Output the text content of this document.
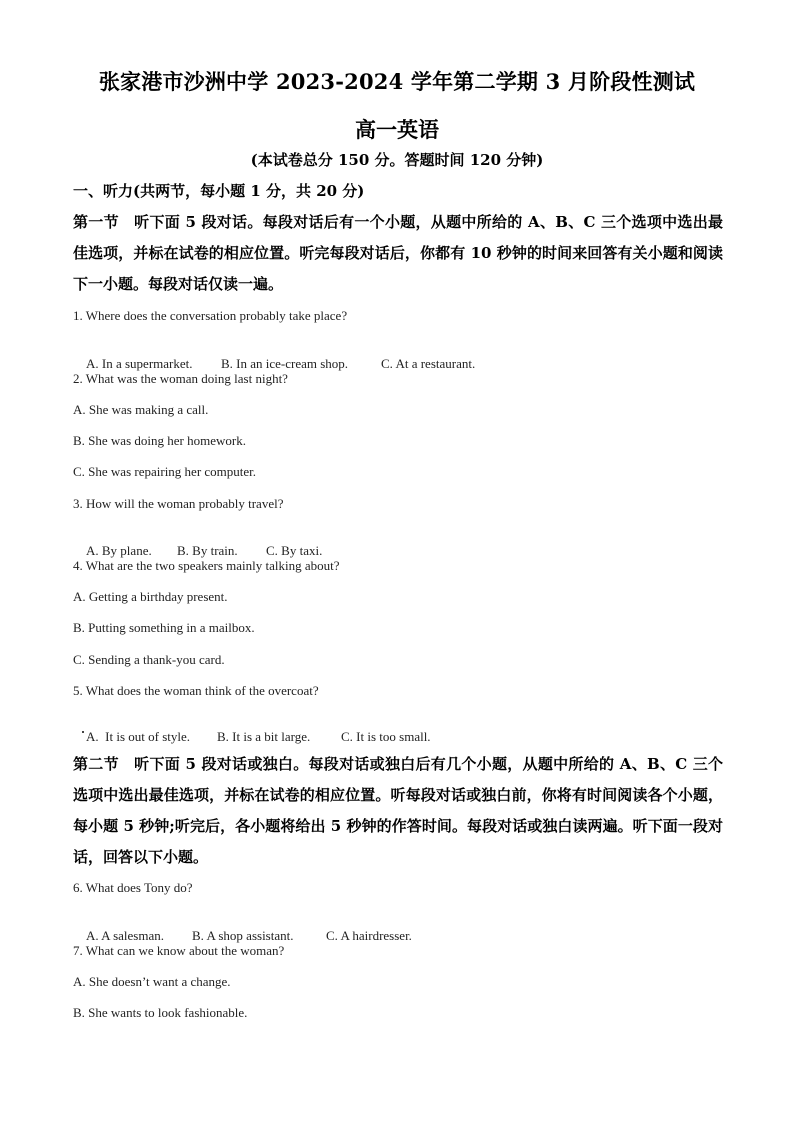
张家港市沙洲中学 2023-2024 学年第二学期 3 月阶段性测试
高一英语
(本试卷总分 150 分。答题时间 120 分钟)
一、听力(共两节，每小题 1 分，共 20 分)
第一节　听下面 5 段对话。每段对话后有一个小题，从题中所给的 A、B、C 三个选项中选出最佳选项，并标在试卷的相应位置。听完每段对话后，你都有 10 秒钟的时间来回答有关小题和阅读下一小题。每段对话仅读一遍。
1. Where does the conversation probably take place?

A. In a supermarket. B. In an ice-cream shop.	C. At a restaurant.

2. What was the woman doing last night?
A. She was making a call.
B. She was doing her homework.
C. She was repairing her computer.
3. How will the woman probably travel?

A. By plane. B. By train. C. By taxi.

4. What are the two speakers mainly talking about?
A. Getting a birthday present.
B. Putting something in a mailbox.
C. Sending a thank-you card.
5. What does the woman think of the overcoat?

A.  It is out of style. B. It is a bit large. C. It is too small.

第二节　听下面 5 段对话或独白。每段对话或独白后有几个小题，从题中所给的 A、B、C 三个选项中选出最佳选项，并标在试卷的相应位置。听每段对话或独白前，你将有时间阅读各个小题，每小题 5 秒钟;听完后，各小题将给出 5 秒钟的作答时间。每段对话或独白读两遍。听下面一段对话，回答以下小题。
6. What does Tony do?

A. A salesman. B. A shop assistant.	C. A hairdresser.

7. What can we know about the woman?
A. She doesn’t want a change.
B. She wants to look fashionable.
